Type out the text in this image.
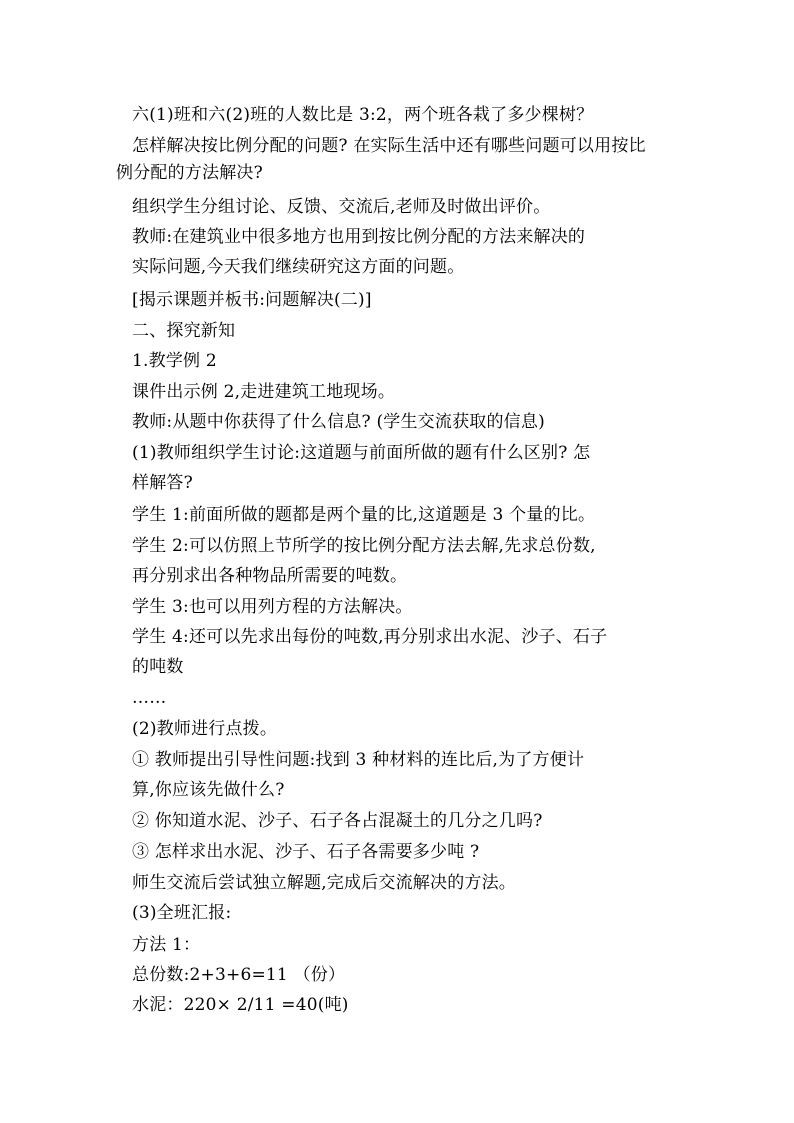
六(1)班和六(2)班的人数比是 3:2，两个班各栽了多少棵树？
怎样解决按比例分配的问题? 在实际生活中还有哪些问题可以用按比
例分配的方法解决?
组织学生分组讨论、反馈、交流后,老师及时做出评价。
教师:在建筑业中很多地方也用到按比例分配的方法来解决的
实际问题,今天我们继续研究这方面的问题。
[揭示课题并板书:问题解决(二)]
二、探究新知
1.教学例 2
课件出示例 2,走进建筑工地现场。
教师:从题中你获得了什么信息? (学生交流获取的信息)
(1)教师组织学生讨论:这道题与前面所做的题有什么区别? 怎
样解答?
学生 1:前面所做的题都是两个量的比,这道题是 3 个量的比。
学生 2:可以仿照上节所学的按比例分配方法去解,先求总份数,
再分别求出各种物品所需要的吨数。
学生 3:也可以用列方程的方法解决。
学生 4:还可以先求出每份的吨数,再分别求出水泥、沙子、石子
的吨数
……
(2)教师进行点拨。
① 教师提出引导性问题:找到 3 种材料的连比后,为了方便计
算,你应该先做什么?
② 你知道水泥、沙子、石子各占混凝土的几分之几吗?
③ 怎样求出水泥、沙子、石子各需要多少吨 ?
师生交流后尝试独立解题,完成后交流解决的方法。
(3)全班汇报:
方法 1：
总份数:2+3+6=11 （份）
水泥：220× 2/11 =40(吨)
